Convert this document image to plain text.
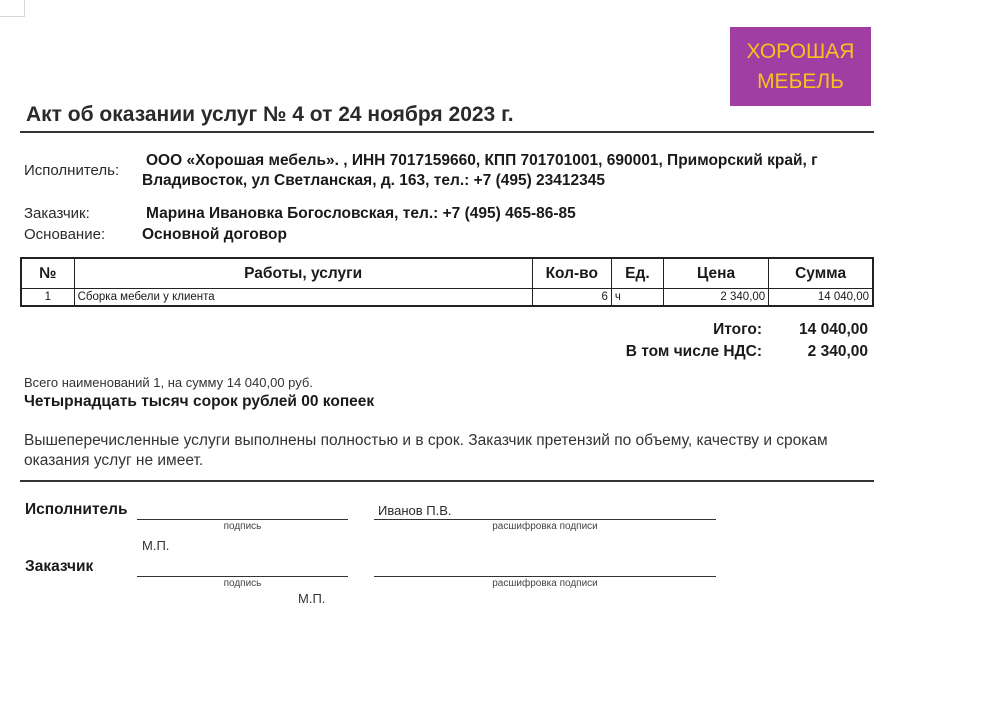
ХОРОШАЯ
МЕБЕЛЬ
Акт об оказании услуг № 4 от 24 ноября 2023 г.
Исполнитель:
ООО «Хорошая мебель». , ИНН 7017159660, КПП 701701001, 690001, Приморский край, г
Владивосток, ул Светланская, д. 163, тел.: +7 (495) 23412345
Заказчик:	Марина Ивановка Богословская, тел.: +7 (495) 465-86-85
Основание: Основной договор
№	Работы, услуги	Кол-во	Ед.	Цена	Сумма
1	Сборка мебели у клиента	6	ч	2 340,00	14 040,00
Итого:	14 040,00
В том числе НДС:	2 340,00
Всего наименований 1, на сумму 14 040,00 руб.
Четырнадцать тысяч сорок рублей 00 копеек
Вышеперечисленные услуги выполнены полностью и в срок. Заказчик претензий по объему, качеству и срокам оказания услуг не имеет.
Исполнитель
подпись
Иванов П.В.
расшифровка подписи
М.П.
Заказчик
подпись	расшифровка подписи
М.П.
